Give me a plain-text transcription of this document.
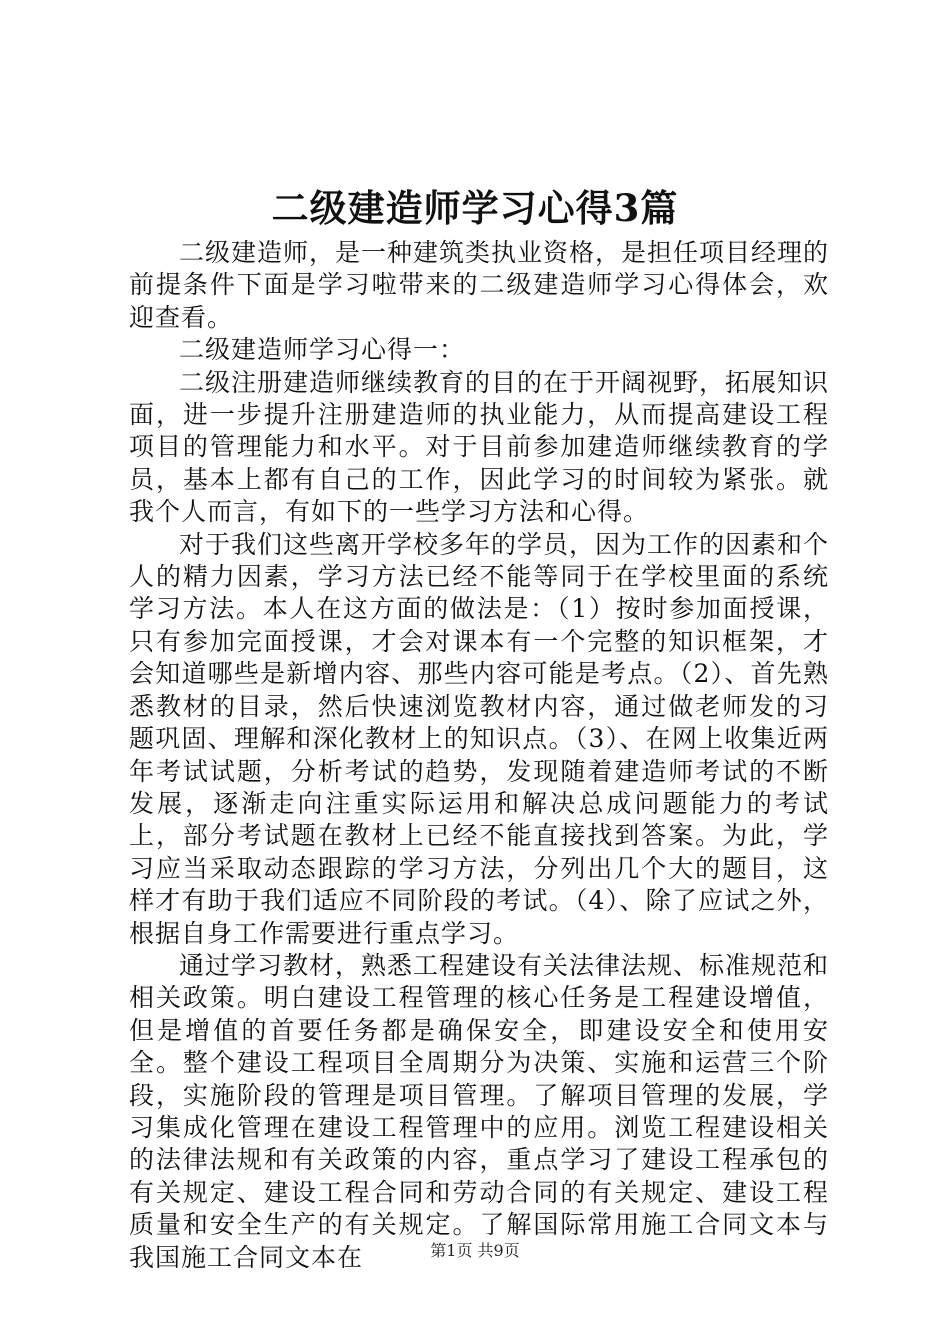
二级建造师学习心得3篇

二级建造师，是一种建筑类执业资格，是担任项目经理的前提条件下面是学习啦带来的二级建造师学习心得体会，欢迎查看。

二级建造师学习心得一：

二级注册建造师继续教育的目的在于开阔视野，拓展知识面，进一步提升注册建造师的执业能力，从而提高建设工程项目的管理能力和水平。对于目前参加建造师继续教育的学员，基本上都有自己的工作，因此学习的时间较为紧张。就我个人而言，有如下的一些学习方法和心得。

对于我们这些离开学校多年的学员，因为工作的因素和个人的精力因素，学习方法已经不能等同于在学校里面的系统学习方法。本人在这方面的做法是：（1）按时参加面授课，只有参加完面授课，才会对课本有一个完整的知识框架，才会知道哪些是新增内容、那些内容可能是考点。（2）、首先熟悉教材的目录，然后快速浏览教材内容，通过做老师发的习题巩固、理解和深化教材上的知识点。（3）、在网上收集近两年考试试题，分析考试的趋势，发现随着建造师考试的不断发展，逐渐走向注重实际运用和解决总成问题能力的考试上，部分考试题在教材上已经不能直接找到答案。为此，学习应当采取动态跟踪的学习方法，分列出几个大的题目，这样才有助于我们适应不同阶段的考试。（4）、除了应试之外，根据自身工作需要进行重点学习。

通过学习教材，熟悉工程建设有关法律法规、标准规范和相关政策。明白建设工程管理的核心任务是工程建设增值，但是增值的首要任务都是确保安全，即建设安全和使用安全。整个建设工程项目全周期分为决策、实施和运营三个阶段，实施阶段的管理是项目管理。了解项目管理的发展，学习集成化管理在建设工程管理中的应用。浏览工程建设相关的法律法规和有关政策的内容，重点学习了建设工程承包的有关规定、建设工程合同和劳动合同的有关规定、建设工程质量和安全生产的有关规定。了解国际常用施工合同文本与我国施工合同文本在	第1页 共9页
